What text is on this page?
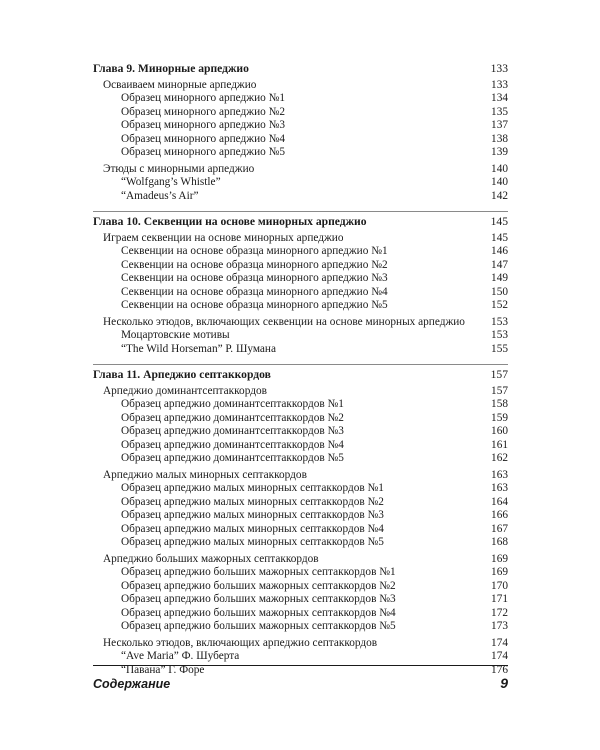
Глава 9. Минорные арпеджио	133
Осваиваем минорные арпеджио	133
Образец минорного арпеджио №1	134
Образец минорного арпеджио №2	135
Образец минорного арпеджио №3	137
Образец минорного арпеджио №4	138
Образец минорного арпеджио №5	139
Этюды с минорными арпеджио	140
“Wolfgang’s Whistle”	140
“Amadeus’s Air”	142
Глава 10. Секвенции на основе минорных арпеджио	145
Играем секвенции на основе минорных арпеджио	145
Секвенции на основе образца минорного арпеджио №1	146
Секвенции на основе образца минорного арпеджио №2	147
Секвенции на основе образца минорного арпеджио №3	149
Секвенции на основе образца минорного арпеджио №4	150
Секвенции на основе образца минорного арпеджио №5	152
Несколько этюдов, включающих секвенции на основе минорных арпеджио	153
Моцартовские мотивы	153
“The Wild Horseman” Р. Шумана	155
Глава 11. Арпеджио септаккордов	157
Арпеджио доминантсептаккордов	157
Образец арпеджио доминантсептаккордов №1	158
Образец арпеджио доминантсептаккордов №2	159
Образец арпеджио доминантсептаккордов №3	160
Образец арпеджио доминантсептаккордов №4	161
Образец арпеджио доминантсептаккордов №5	162
Арпеджио малых минорных септаккордов	163
Образец арпеджио малых минорных септаккордов №1	163
Образец арпеджио малых минорных септаккордов №2	164
Образец арпеджио малых минорных септаккордов №3	166
Образец арпеджио малых минорных септаккордов №4	167
Образец арпеджио малых минорных септаккордов №5	168
Арпеджио больших мажорных септаккордов	169
Образец арпеджио больших мажорных септаккордов №1	169
Образец арпеджио больших мажорных септаккордов №2	170
Образец арпеджио больших мажорных септаккордов №3	171
Образец арпеджио больших мажорных септаккордов №4	172
Образец арпеджио больших мажорных септаккордов №5	173
Несколько этюдов, включающих арпеджио септаккордов	174
“Ave Maria” Ф. Шуберта	174
“Павана” Г. Форе	176
Содержание	9
